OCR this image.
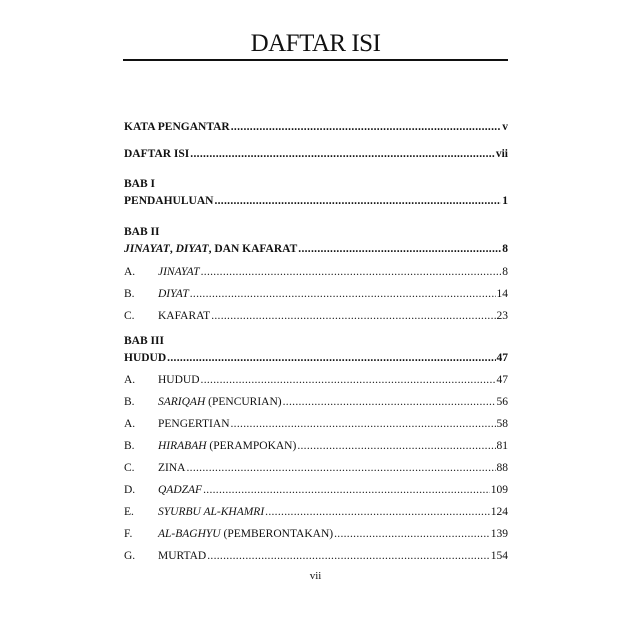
DAFTAR ISI
KATA PENGANTAR .....	v
DAFTAR ISI .....	vii
BAB I
PENDAHULUAN .....	1
BAB II
JINAYAT, DIYAT, DAN KAFARAT .....	8
A.	JINAYAT .....	8
B.	DIYAT .....	14
C.	KAFARAT .....	23
BAB III
HUDUD .....	47
A.	HUDUD .....	47
B.	SARIQAH (PENCURIAN) .....	56
A.	PENGERTIAN .....	58
B.	HIRABAH (PERAMPOKAN) .....	81
C.	ZINA .....	88
D.	QADZAF .....	109
E.	SYURBU AL-KHAMRI .....	124
F.	AL-BAGHYU (PEMBERONTAKAN) .....	139
G.	MURTAD .....	154
vii
